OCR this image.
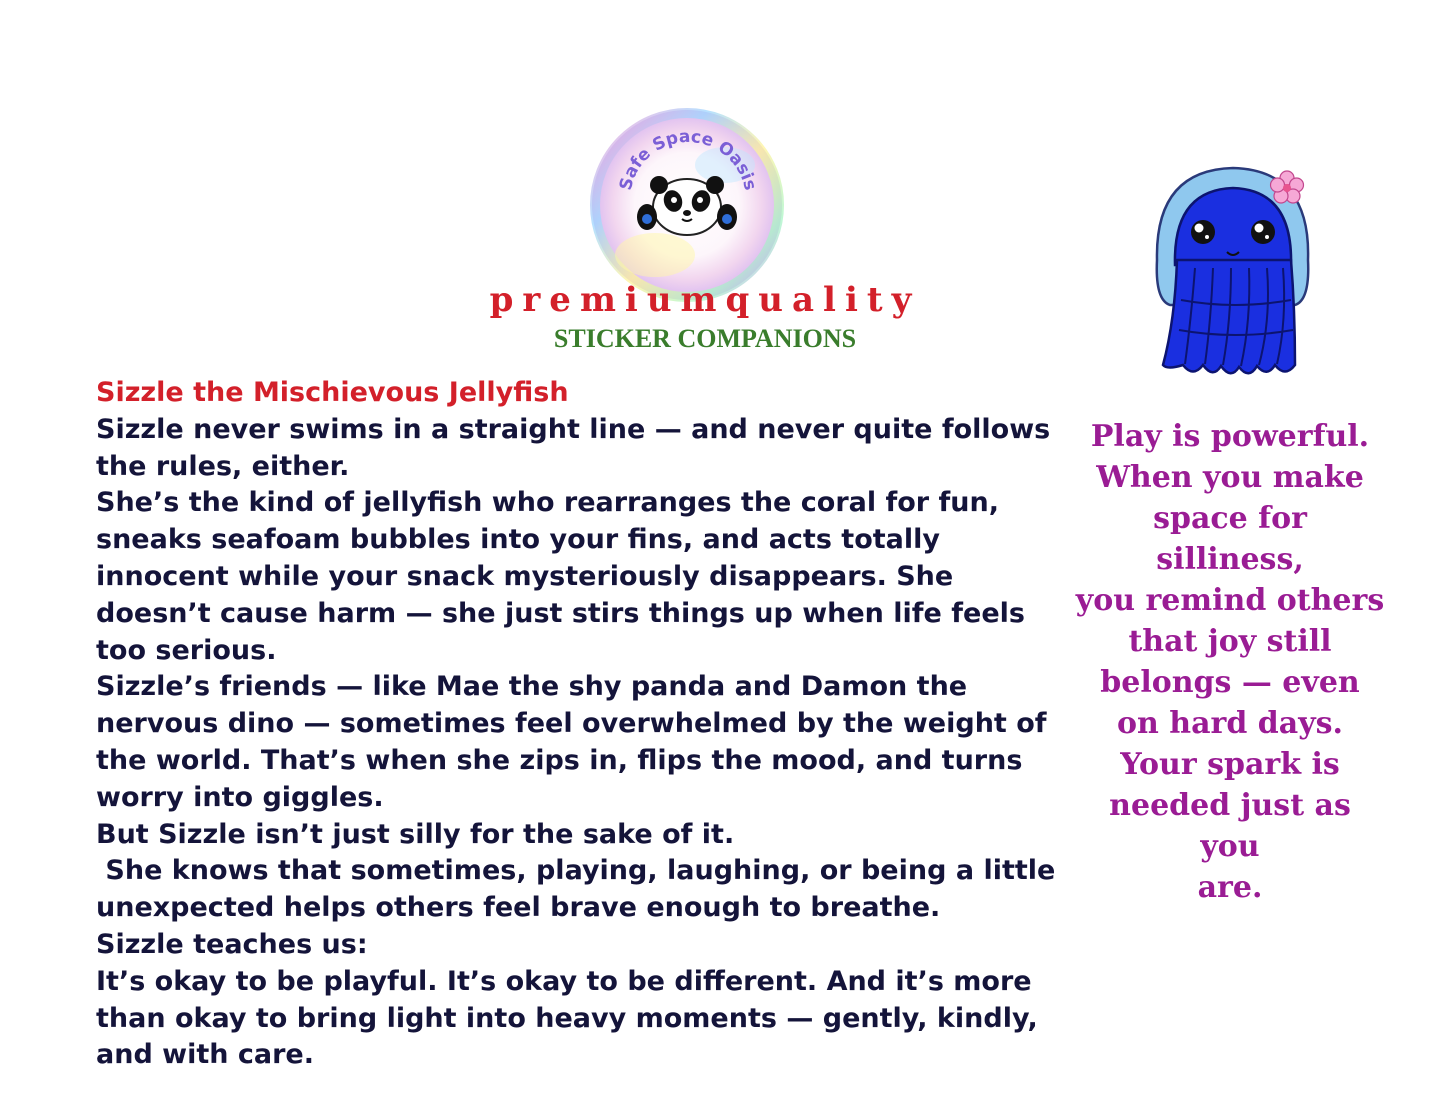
Safe Space Oasis
premiumquality
STICKER COMPANIONS

Sizzle the Mischievous Jellyfish

Sizzle never swims in a straight line — and never quite follows the rules, either.

She’s the kind of jellyfish who rearranges the coral for fun, sneaks seafoam bubbles into your fins, and acts totally innocent while your snack mysteriously disappears. She doesn’t cause harm — she just stirs things up when life feels too serious.

Sizzle’s friends — like Mae the shy panda and Damon the nervous dino — sometimes feel overwhelmed by the weight of the world. That’s when she zips in, flips the mood, and turns worry into giggles.

But Sizzle isn’t just silly for the sake of it.

She knows that sometimes, playing, laughing, or being a little unexpected helps others feel brave enough to breathe.

Sizzle teaches us:

It’s okay to be playful. It’s okay to be different. And it’s more than okay to bring light into heavy moments — gently, kindly, and with care.

Play is powerful.
When you make
space for silliness,
you remind others
that joy still
belongs — even
on hard days.
Your spark is
needed just as you
are.
